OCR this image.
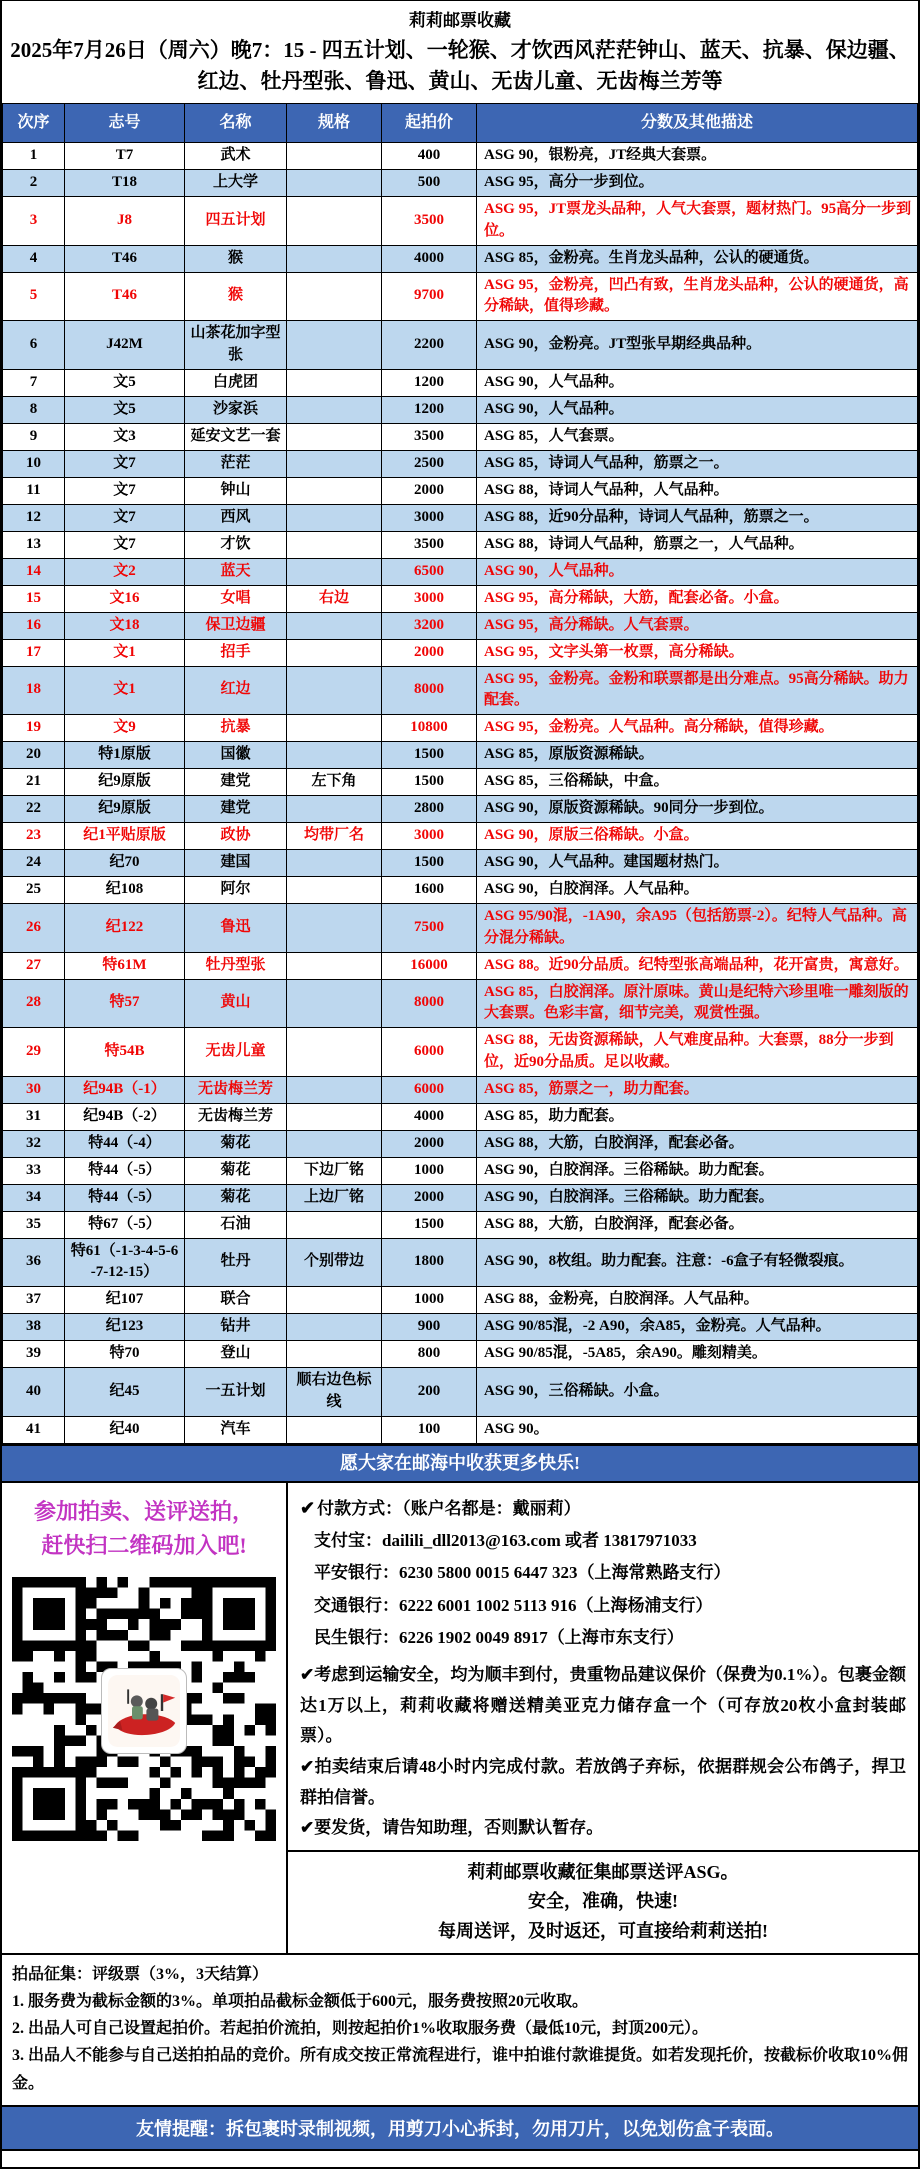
莉莉邮票收藏
2025年7月26日（周六）晚7：15 - 四五计划、一轮猴、才饮西风茫茫钟山、蓝天、抗暴、保边疆、红边、牡丹型张、鲁迅、黄山、无齿儿童、无齿梅兰芳等
次序	志号	名称	规格	起拍价	分数及其他描述
1	T7	武术		400	ASG 90，银粉亮，JT经典大套票。
2	T18	上大学		500	ASG 95，高分一步到位。
3	J8	四五计划		3500	ASG 95，JT票龙头品种，人气大套票，题材热门。95高分一步到位。
4	T46	猴		4000	ASG 85，金粉亮。生肖龙头品种，公认的硬通货。
5	T46	猴		9700	ASG 95，金粉亮，凹凸有致，生肖龙头品种，公认的硬通货，高分稀缺，值得珍藏。
6	J42M	山茶花加字型张		2200	ASG 90，金粉亮。JT型张早期经典品种。
7	文5	白虎团		1200	ASG 90，人气品种。
8	文5	沙家浜		1200	ASG 90，人气品种。
9	文3	延安文艺一套		3500	ASG 85，人气套票。
10	文7	茫茫		2500	ASG 85，诗词人气品种，筋票之一。
11	文7	钟山		2000	ASG 88，诗词人气品种，人气品种。
12	文7	西风		3000	ASG 88，近90分品种，诗词人气品种，筋票之一。
13	文7	才饮		3500	ASG 88，诗词人气品种，筋票之一，人气品种。
14	文2	蓝天		6500	ASG 90，人气品种。
15	文16	女唱	右边	3000	ASG 95，高分稀缺，大筋，配套必备。小盒。
16	文18	保卫边疆		3200	ASG 95，高分稀缺。人气套票。
17	文1	招手		2000	ASG 95，文字头第一枚票，高分稀缺。
18	文1	红边		8000	ASG 95，金粉亮。金粉和联票都是出分难点。95高分稀缺。助力配套。
19	文9	抗暴		10800	ASG 95，金粉亮。人气品种。高分稀缺，值得珍藏。
20	特1原版	国徽		1500	ASG 85，原版资源稀缺。
21	纪9原版	建党	左下角	1500	ASG 85，三俗稀缺，中盒。
22	纪9原版	建党		2800	ASG 90，原版资源稀缺。90同分一步到位。
23	纪1平贴原版	政协	均带厂名	3000	ASG 90，原版三俗稀缺。小盒。
24	纪70	建国		1500	ASG 90，人气品种。建国题材热门。
25	纪108	阿尔		1600	ASG 90，白胶润泽。人气品种。
26	纪122	鲁迅		7500	ASG 95/90混，-1A90，余A95（包括筋票-2）。纪特人气品种。高分混分稀缺。
27	特61M	牡丹型张		16000	ASG 88。近90分品质。纪特型张高端品种，花开富贵，寓意好。
28	特57	黄山		8000	ASG 85，白胶润泽。原汁原味。黄山是纪特六珍里唯一雕刻版的大套票。色彩丰富，细节完美，观赏性强。
29	特54B	无齿儿童		6000	ASG 88，无齿资源稀缺，人气难度品种。大套票，88分一步到位，近90分品质。足以收藏。
30	纪94B（-1）	无齿梅兰芳		6000	ASG 85，筋票之一，助力配套。
31	纪94B（-2）	无齿梅兰芳		4000	ASG 85，助力配套。
32	特44（-4）	菊花		2000	ASG 88，大筋，白胶润泽，配套必备。
33	特44（-5）	菊花	下边厂铭	1000	ASG 90，白胶润泽。三俗稀缺。助力配套。
34	特44（-5）	菊花	上边厂铭	2000	ASG 90，白胶润泽。三俗稀缺。助力配套。
35	特67（-5）	石油		1500	ASG 88，大筋，白胶润泽，配套必备。
36	特61（-1-3-4-5-6-7-12-15）	牡丹	个别带边	1800	ASG 90，8枚组。助力配套。注意：-6盒子有轻微裂痕。
37	纪107	联合		1000	ASG 88，金粉亮，白胶润泽。人气品种。
38	纪123	钻井		900	ASG 90/85混，-2 A90，余A85，金粉亮。人气品种。
39	特70	登山		800	ASG 90/85混，-5A85，余A90。雕刻精美。
40	纪45	一五计划	顺右边色标线	200	ASG 90，三俗稀缺。小盒。
41	纪40	汽车		100	ASG 90。
愿大家在邮海中收获更多快乐!
参加拍卖、送评送拍，
赶快扫二维码加入吧!
✔ 付款方式：（账户名都是：戴丽莉）
支付宝：dailili_dll2013@163.com 或者 13817971033
平安银行：6230 5800 0015 6447 323（上海常熟路支行）
交通银行：6222 6001 1002 5113 916（上海杨浦支行）
民生银行：6226 1902 0049 8917（上海市东支行）
✔考虑到运输安全，均为顺丰到付，贵重物品建议保价（保费为0.1%）。包裹金额达1万以上，莉莉收藏将赠送精美亚克力储存盒一个（可存放20枚小盒封装邮票）。
✔拍卖结束后请48小时内完成付款。若放鸽子弃标，依据群规会公布鸽子，捍卫群拍信誉。
✔要发货，请告知助理，否则默认暂存。
莉莉邮票收藏征集邮票送评ASG。
安全，准确，快速!
每周送评，及时返还，可直接给莉莉送拍!
拍品征集：评级票（3%，3天结算）
1. 服务费为截标金额的3%。单项拍品截标金额低于600元，服务费按照20元收取。
2. 出品人可自己设置起拍价。若起拍价流拍，则按起拍价1%收取服务费（最低10元，封顶200元）。
3. 出品人不能参与自己送拍拍品的竞价。所有成交按正常流程进行，谁中拍谁付款谁提货。如若发现托价，按截标价收取10%佣金。
友情提醒：拆包裹时录制视频，用剪刀小心拆封，勿用刀片，以免划伤盒子表面。
